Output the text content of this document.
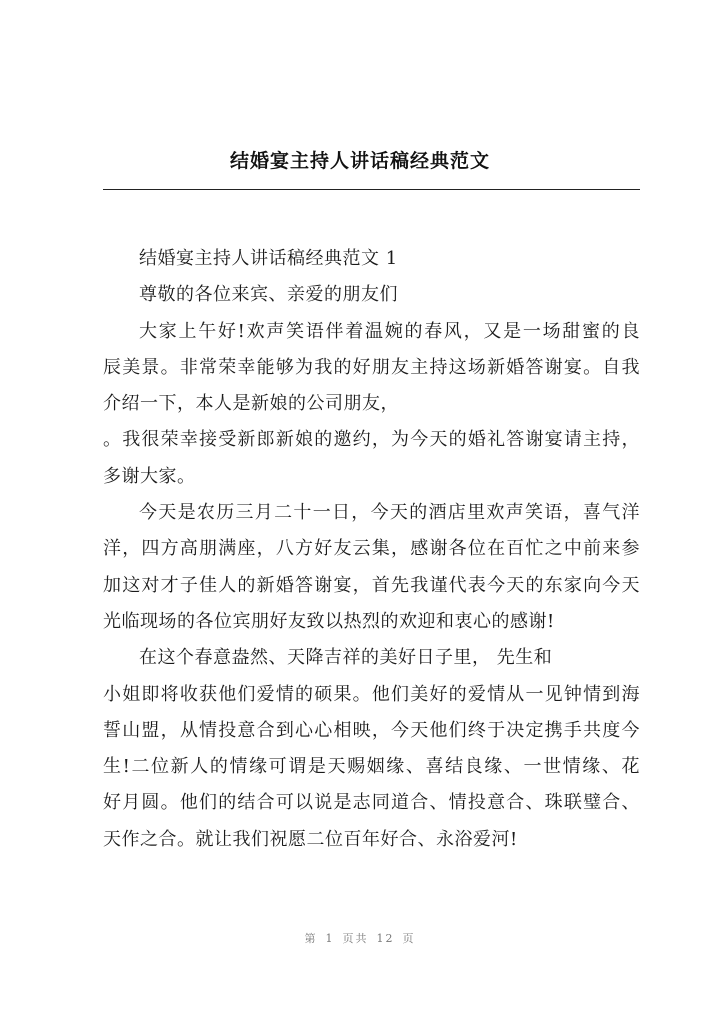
结婚宴主持人讲话稿经典范文
结婚宴主持人讲话稿经典范文 1
尊敬的各位来宾、亲爱的朋友们
大家上午好!欢声笑语伴着温婉的春风，又是一场甜蜜的良
辰美景。非常荣幸能够为我的好朋友主持这场新婚答谢宴。自我
介绍一下，本人是新娘的公司朋友，
。我很荣幸接受新郎新娘的邀约，为今天的婚礼答谢宴请主持，
多谢大家。
今天是农历三月二十一日，今天的酒店里欢声笑语，喜气洋
洋，四方高朋满座，八方好友云集，感谢各位在百忙之中前来参
加这对才子佳人的新婚答谢宴，首先我谨代表今天的东家向今天
光临现场的各位宾朋好友致以热烈的欢迎和衷心的感谢!
在这个春意盎然、天降吉祥的美好日子里， 先生和
小姐即将收获他们爱情的硕果。他们美好的爱情从一见钟情到海
誓山盟，从情投意合到心心相映，今天他们终于决定携手共度今
生!二位新人的情缘可谓是天赐姻缘、喜结良缘、一世情缘、花
好月圆。他们的结合可以说是志同道合、情投意合、珠联璧合、
天作之合。就让我们祝愿二位百年好合、永浴爱河!
第 1 页共 12 页
